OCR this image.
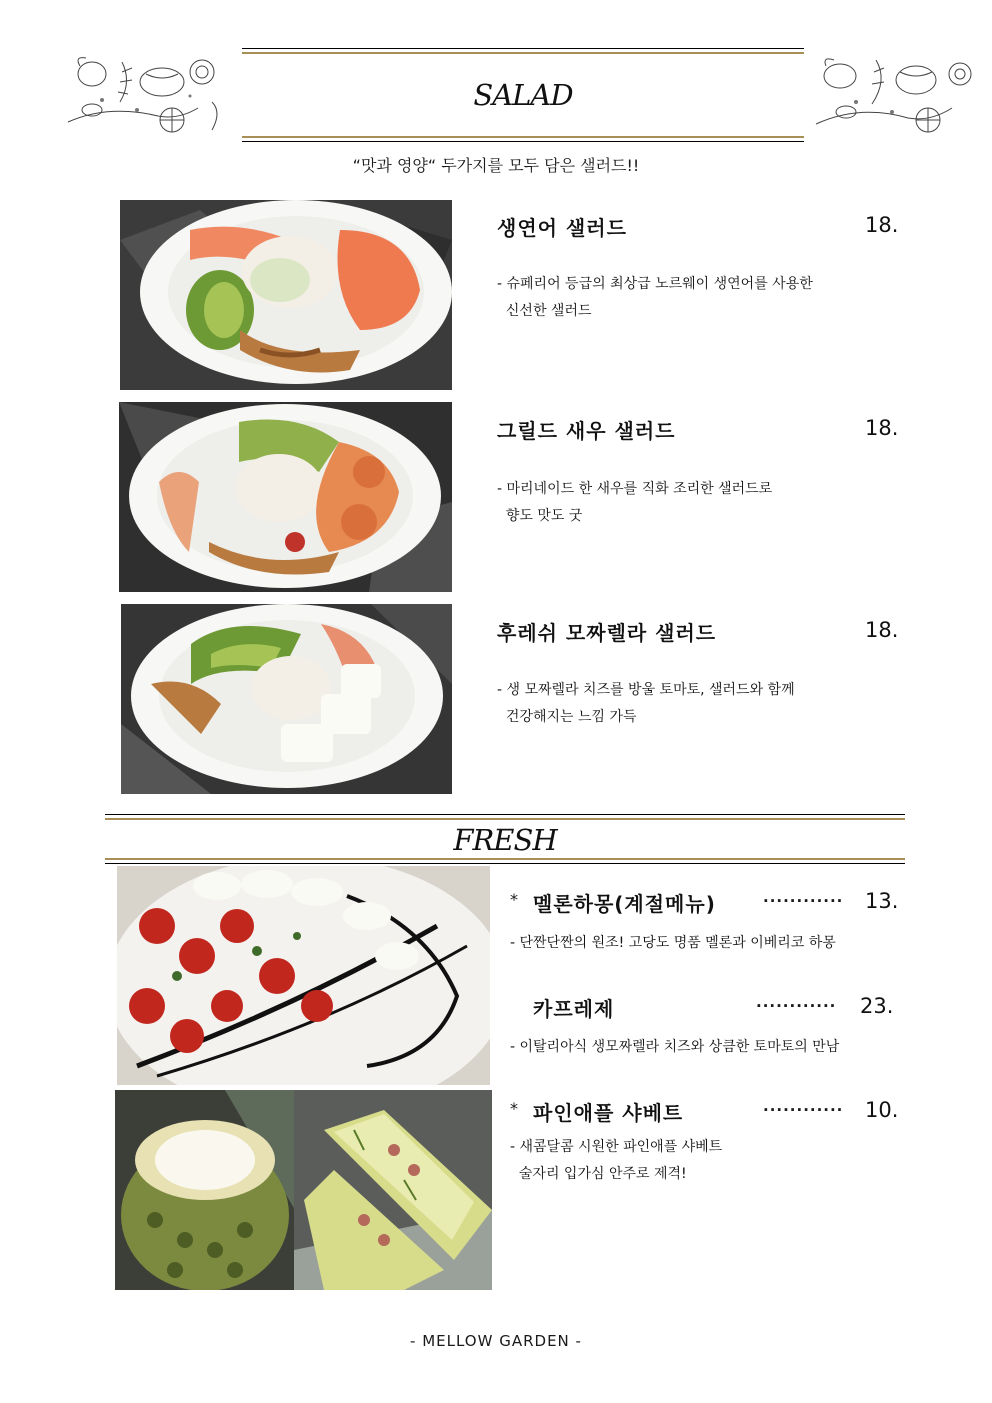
SALAD
“맛과 영양“ 두가지를 모두 담은 샐러드!!
생연어 샐러드	18.
- 슈페리어 등급의 최상급 노르웨이 생연어를 사용한
신선한 샐러드
그릴드 새우 샐러드	18.
- 마리네이드 한 새우를 직화 조리한 샐러드로
향도 맛도 굿
후레쉬 모짜렐라 샐러드	18.
- 생 모짜렐라 치즈를 방울 토마토, 샐러드와 함께
건강해지는 느낌 가득
FRESH
* 멜론하몽(계절메뉴)	............ 13.
- 단짠단짠의 원조! 고당도 명품 멜론과 이베리코 하몽
카프레제	............ 23.
- 이탈리아식 생모짜렐라 치즈와 상큼한 토마토의 만남
* 파인애플 샤베트	............ 10.
- 새콤달콤 시원한 파인애플 샤베트
술자리 입가심 안주로 제격!
- MELLOW GARDEN -
